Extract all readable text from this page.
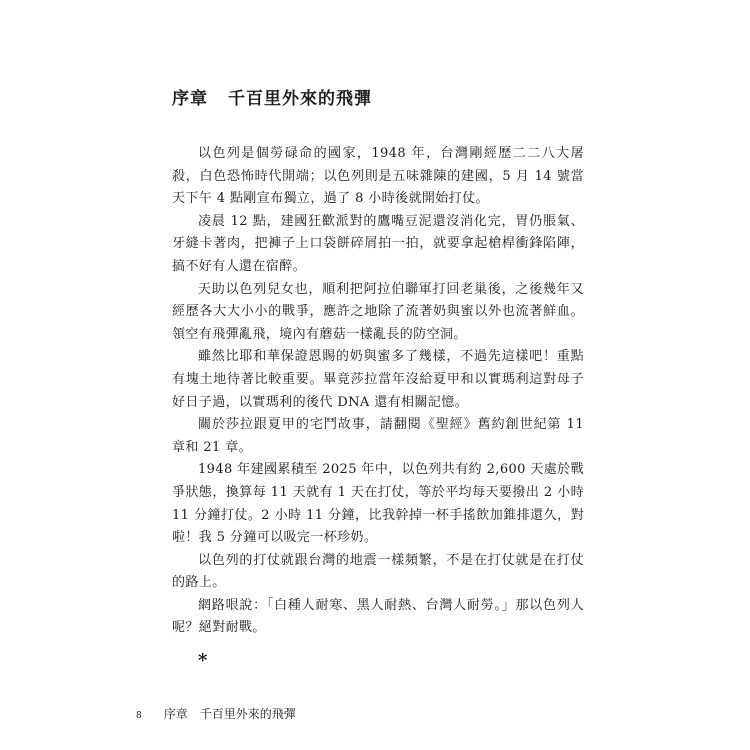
序章 千百里外來的飛彈

以色列是個勞碌命的國家，1948 年，台灣剛經歷二二八大屠殺，白色恐怖時代開端；以色列則是五味雜陳的建國，5 月 14 號當天下午 4 點剛宣布獨立，過了 8 小時後就開始打仗。

凌晨 12 點，建國狂歡派對的鷹嘴豆泥還沒消化完，胃仍脹氣、牙縫卡著肉，把褲子上口袋餅碎屑拍一拍，就要拿起槍桿衝鋒陷陣，搞不好有人還在宿醉。

天助以色列兒女也，順利把阿拉伯聯軍打回老巢後，之後幾年又經歷各大大小小的戰爭，應許之地除了流著奶與蜜以外也流著鮮血。領空有飛彈亂飛，境內有蘑菇一樣亂長的防空洞。

雖然比耶和華保證恩賜的奶與蜜多了幾樣，不過先這樣吧！重點有塊土地待著比較重要。畢竟莎拉當年沒給夏甲和以實瑪利這對母子好日子過，以實瑪利的後代 DNA 還有相關記憶。

關於莎拉跟夏甲的宅鬥故事，請翻閱《聖經》舊約創世紀第 11 章和 21 章。

1948 年建國累積至 2025 年中，以色列共有約 2,600 天處於戰爭狀態，換算每 11 天就有 1 天在打仗，等於平均每天要撥出 2 小時 11 分鐘打仗。2 小時 11 分鐘，比我幹掉一杯手搖飲加錐排還久，對啦！我 5 分鐘可以吸完一杯珍奶。

以色列的打仗就跟台灣的地震一樣頻繁，不是在打仗就是在打仗的路上。

網路哏說：「白種人耐寒、黑人耐熱、台灣人耐勞。」那以色列人呢？絕對耐戰。

*
8 序章 千百里外來的飛彈
